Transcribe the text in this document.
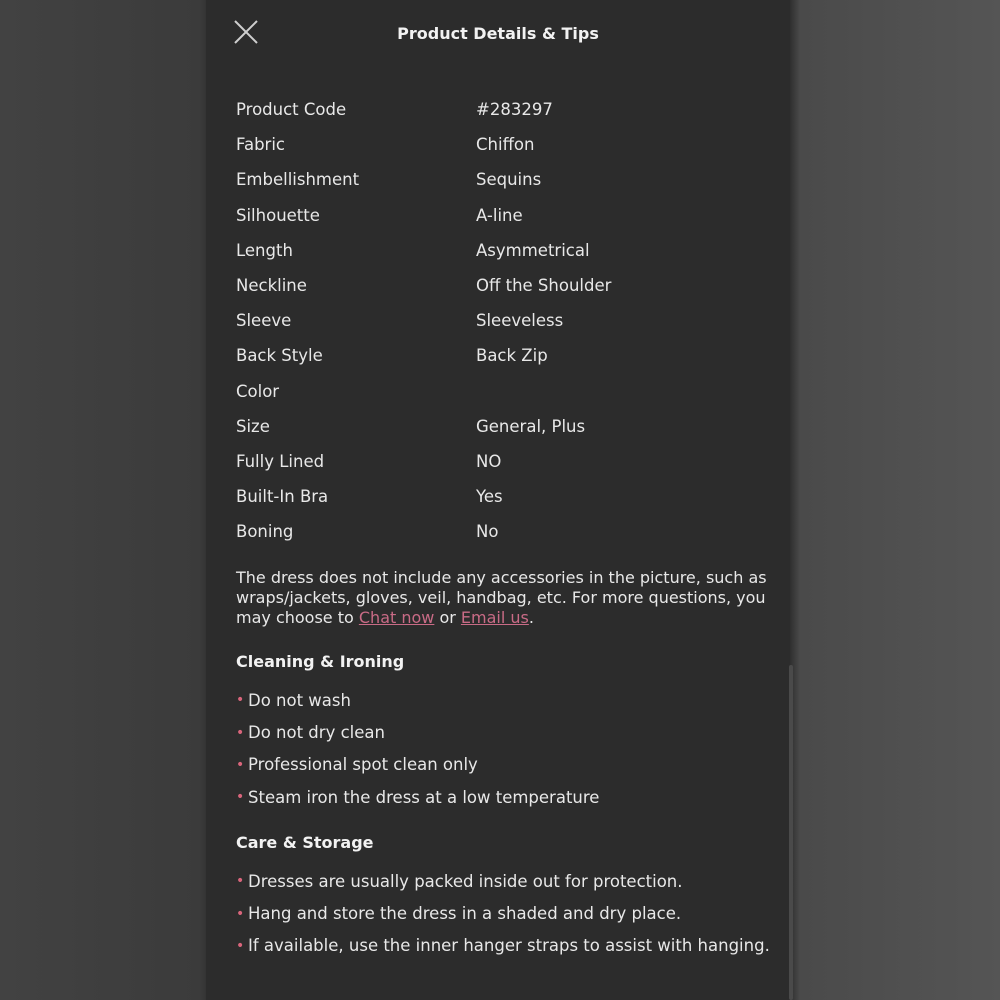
Product Details & Tips
Product Code	#283297
Fabric	Chiffon
Embellishment	Sequins
Silhouette	A-line
Length	Asymmetrical
Neckline	Off the Shoulder
Sleeve	Sleeveless
Back Style	Back Zip
Color
Size	General, Plus
Fully Lined	NO
Built-In Bra	Yes
Boning	No
The dress does not include any accessories in the picture, such as wraps/jackets, gloves, veil, handbag, etc. For more questions, you may choose to Chat now or Email us.
Cleaning & Ironing
• Do not wash
• Do not dry clean
• Professional spot clean only
• Steam iron the dress at a low temperature
Care & Storage
• Dresses are usually packed inside out for protection.
• Hang and store the dress in a shaded and dry place.
• If available, use the inner hanger straps to assist with hanging.
